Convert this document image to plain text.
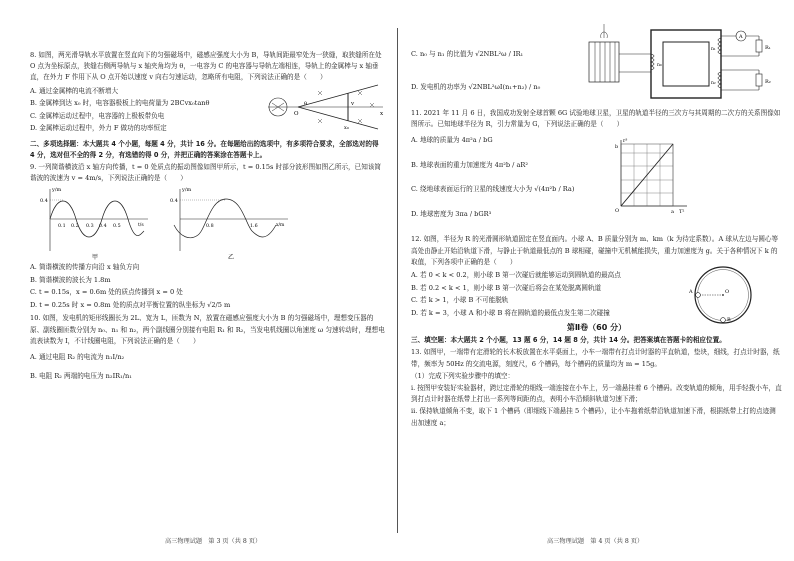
8. 如图，两光滑导轨水平放置在竖直向下的匀强磁场中，磁感应强度大小为 B，导轨间距最窄处为一狭缝，取狭缝所在处 O 点为坐标原点，狭缝右侧两导轨与 x 轴夹角均为 θ，一电容为 C 的电容器与导轨左端相连，导轨上的金属棒与 x 轴垂直，在外力 F 作用下从 O 点开始以速度 v 向右匀速运动，忽略所有电阻，下列说法正确的是（　　）

A. 通过金属棒的电流不断增大

B. 金属棒到达 x₀ 时，电容器极板上的电荷量为 2BCvx₀tanθ

C. 金属棒运动过程中，电容器的上极板带负电

D. 金属棒运动过程中，外力 F 做功的功率恒定

O
θ	v
x₀
x

二、多项选择题：本大题共 4 个小题，每题 4 分，共计 16 分。在每题给出的选项中，有多项符合要求，全部选对的得 4 分，选对但不全的得 2 分，有选错的得 0 分，并把正确的答案涂在答题卡上。

9. 一列简谐横波沿 x 轴方向传播，t = 0 处质点的振动图像如图甲所示，t = 0.15s 时部分波形图如图乙所示，已知该简谐波的波速为 v = 4m/s，下列说法正确的是（　　）

y/m
0.4
0.1 0.2 0.3 0.4 0.5	t/s
甲
y/m
0.4
0.8	1.6	x/m
乙

A. 简谐横波的传播方向沿 x 轴负方向

B. 简谐横波的波长为 1.8m

C. t = 0.15s，x = 0.6m 处的质点传播到 x = 0 处

D. t = 0.25s 时 x = 0.8m 处的质点对平衡位置的纵坐标为 √2/5 m

10. 如图，发电机的矩形线圈长为 2L、宽为 L，匝数为 N，放置在磁感应强度大小为 B 的匀强磁场中，理想变压器的原、副线圈匝数分别为 n₀、n₁ 和 n₂，两个副线圈分别接有电阻 R₁ 和 R₂，当发电机线圈以角速度 ω 匀速转动时，理想电流表读数为 I，不计线圈电阻，下列说法正确的是（　　）

A. 通过电阻 R₂ 的电流为 n₁I/n₂

B. 电阻 R₂ 两端的电压为 n₂IR₁/n₁

高三物理试题　第 3 页（共 8 页）

C. n₀ 与 n₁ 的比值为 √2NBL²ω / IR₁

D. 发电机的功率为 √2NBL²ωI(n₁+n₂) / n₀

A
R₁
R₂
n₀
n₁
n₂

11. 2021 年 11 月 6 日，我国成功发射全球首颗 6G 试验地球卫星，卫星的轨道半径的三次方与其周期的二次方的关系图像如图所示。已知地球半径为 R，引力常量为 G，下列说法正确的是（　　）

A. 地球的质量为 4π²a / bG

B. 地球表面的重力加速度为 4π²b / aR²

C. 绕地球表面运行的卫星的线速度大小为 √(4π²b / Ra)

D. 地球密度为 3πa / bGR³

r³
b
O	a T²

12. 如图，半径为 R 的光滑圆形轨道固定在竖直面内。小球 A、B 质量分别为 m、km（k 为待定系数）。A 球从左边与圆心等高处由静止开始沿轨道下滑，与静止于轨道最低点的 B 球相碰，碰撞中无机械能损失，重力加速度为 g。关于各种情况下 k 的取值，下列各项中正确的是（　　）

A. 若 0 < k < 0.2，则小球 B 第一次碰后就能够运动到圆轨道的最高点

B. 若 0.2 < k < 1，则小球 B 第一次碰后将会在某处脱离圆轨道

C. 若 k > 1，小球 B 不可能脱轨

D. 若 k = 3，小球 A 和小球 B 将在圆轨道的最低点发生第二次碰撞

A	O
B

第Ⅱ卷（60 分）

三、填空题：本大题共 2 个小题，13 题 6 分，14 题 8 分，共计 14 分。把答案填在答题卡的相应位置。

13. 如图甲，一端带有定滑轮的长木板放置在水平桌面上，小车一端带有打点计时器的平直轨道，垫块，细线，打点计时器，纸带，频率为 50Hz 的交流电源，刻度尺，6 个槽码，每个槽码的质量均为 m = 15g。

（1）完成下列实验步骤中的填空：

i. 按图甲安装好实验器材，跨过定滑轮的细线一端连接在小车上，另一端悬挂着 6 个槽码。改变轨道的倾角，用手轻拨小车，直到打点计时器在纸带上打出一系列等间距的点，表明小车沿倾斜轨道匀速下滑；

ii. 保持轨道倾角不变，取下 1 个槽码（即细线下端悬挂 5 个槽码），让小车拖着纸带沿轨道加速下滑，根据纸带上打的点迹测出加速度 a；

高三物理试题　第 4 页（共 8 页）
